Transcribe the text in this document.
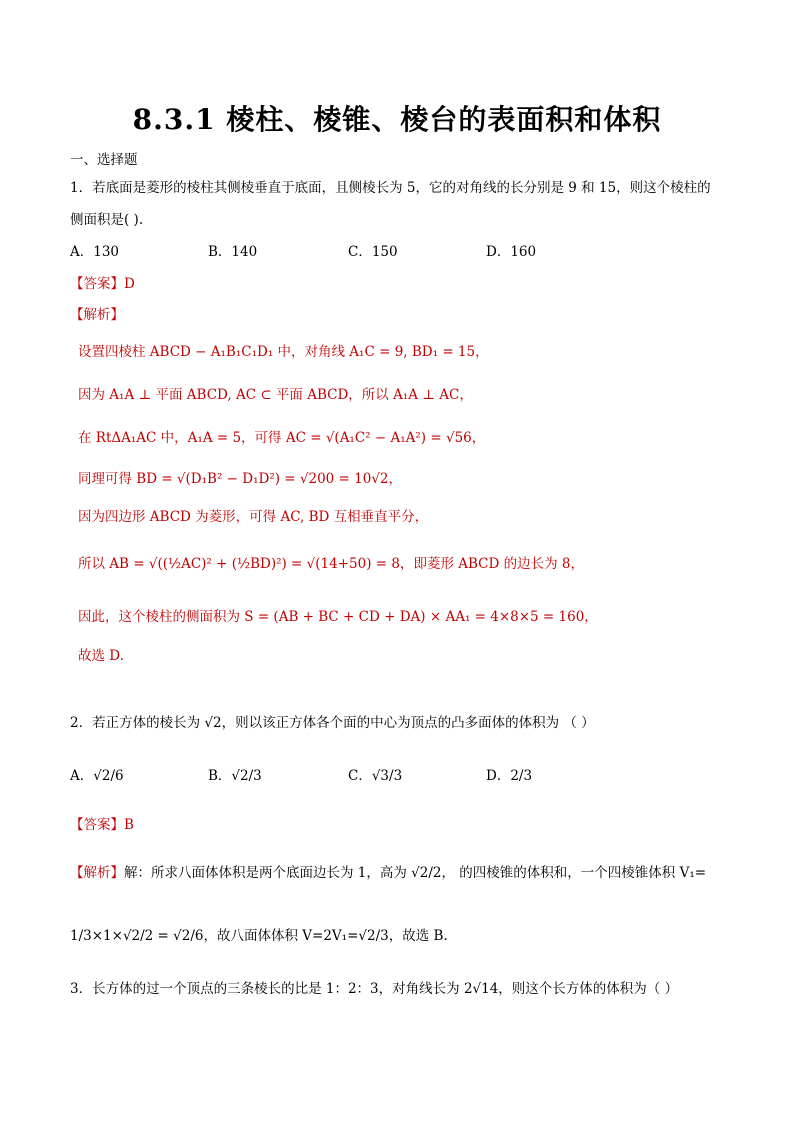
8.3.1 棱柱、棱锥、棱台的表面积和体积
一、选择题
1．若底面是菱形的棱柱其侧棱垂直于底面，且侧棱长为 5，它的对角线的长分别是 9 和 15，则这个棱柱的
侧面积是( ).
A．130	B．140	C．150	D．160
【答案】D
【解析】
设置四棱柱 ABCD − A₁B₁C₁D₁ 中，对角线 A₁C = 9, BD₁ = 15，
因为 A₁A ⊥ 平面 ABCD, AC ⊂ 平面 ABCD，所以 A₁A ⊥ AC，
在 RtΔA₁AC 中，A₁A = 5，可得 AC = √(A₁C² − A₁A²) = √56，
同理可得 BD = √(D₁B² − D₁D²) = √200 = 10√2，
因为四边形 ABCD 为菱形，可得 AC, BD 互相垂直平分，
所以 AB = √((½AC)² + (½BD)²) = √(14+50) = 8，即菱形 ABCD 的边长为 8，
因此，这个棱柱的侧面积为 S = (AB + BC + CD + DA) × AA₁ = 4×8×5 = 160，
故选 D.
2．若正方体的棱长为 √2，则以该正方体各个面的中心为顶点的凸多面体的体积为 （ ）
A．√2/6	B．√2/3	C．√3/3	D．2/3
【答案】B
【解析】解：所求八面体体积是两个底面边长为 1，高为 √2/2， 的四棱锥的体积和，一个四棱锥体积 V₁=
1/3×1×√2/2 = √2/6，故八面体体积 V=2V₁=√2/3，故选 B.
3．长方体的过一个顶点的三条棱长的比是 1：2：3，对角线长为 2√14，则这个长方体的体积为（ ）
